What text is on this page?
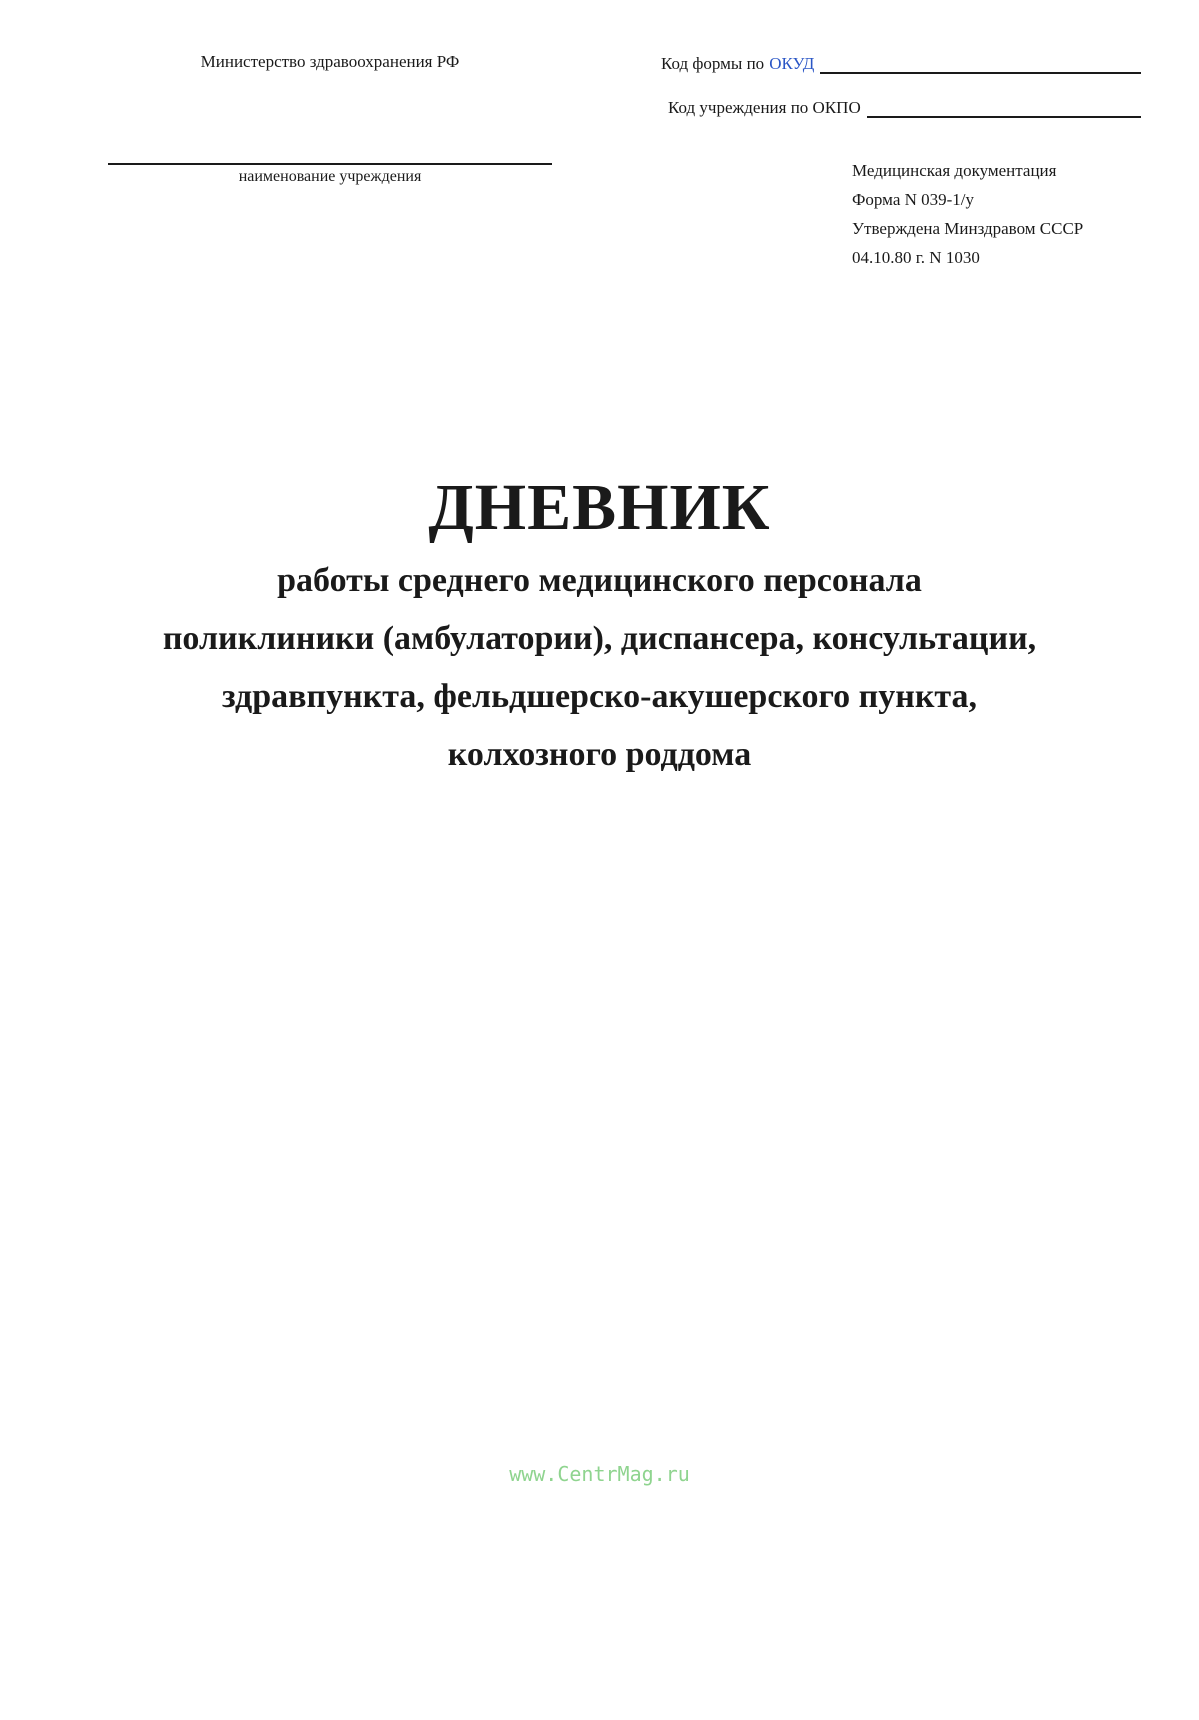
Министерство здравоохранения РФ
наименование учреждения
Код формы по ОКУД
Код учреждения по ОКПО
Медицинская документация
Форма N 039-1/у
Утверждена Минздравом СССР
04.10.80 г. N 1030
ДНЕВНИК
работы среднего медицинского персонала
поликлиники (амбулатории), диспансера, консультации,
здравпункта, фельдшерско-акушерского пункта,
колхозного роддома
www.CentrMag.ru
